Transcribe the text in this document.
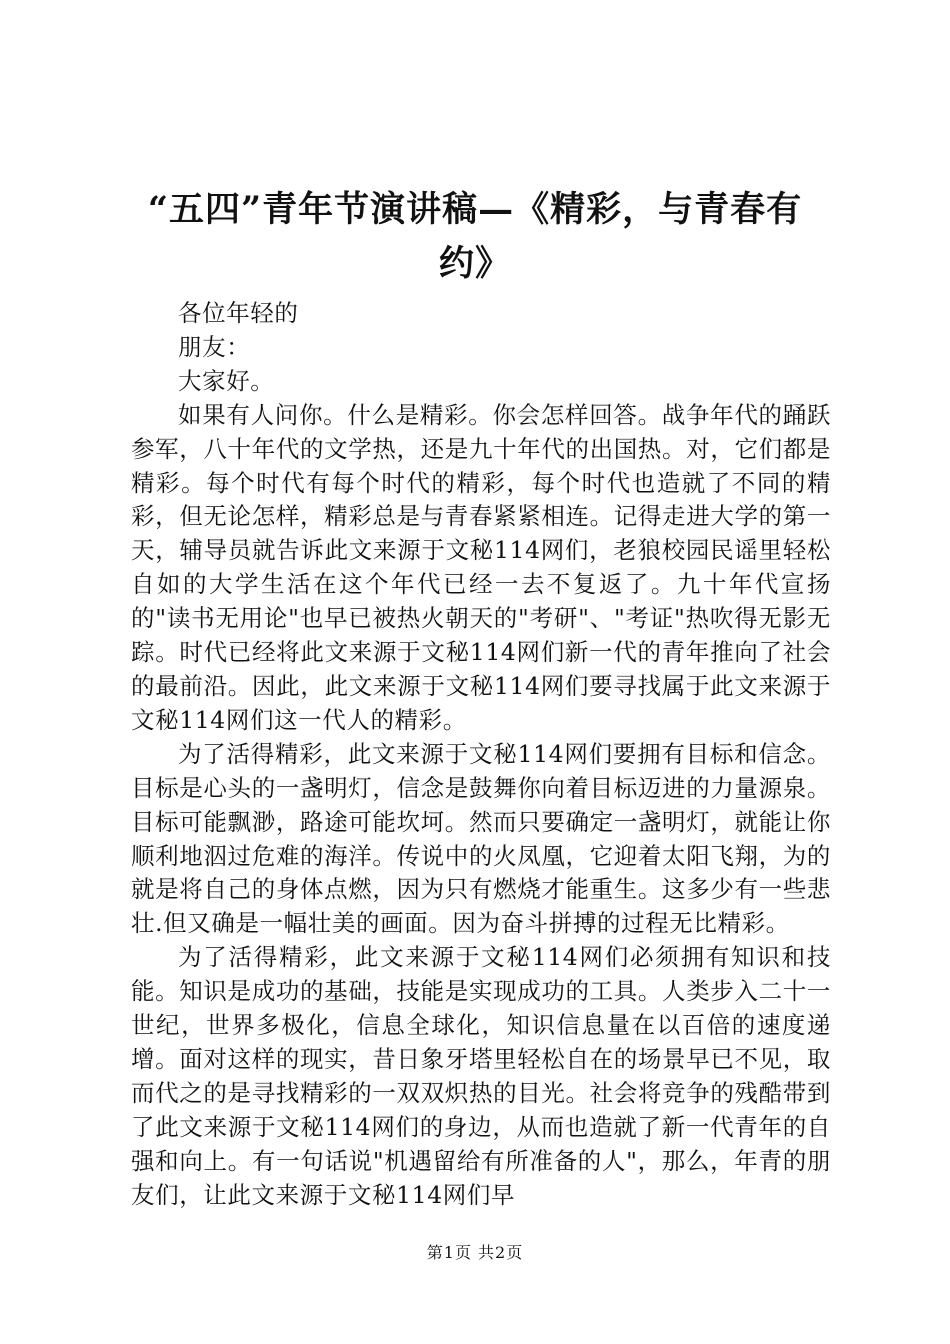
“五四”青年节演讲稿—《精彩，与青春有
约》

各位年轻的

朋友：

大家好。

如果有人问你。什么是精彩。你会怎样回答。战争年代的踊跃参军，八十年代的文学热，还是九十年代的出国热。对，它们都是精彩。每个时代有每个时代的精彩，每个时代也造就了不同的精彩，但无论怎样，精彩总是与青春紧紧相连。记得走进大学的第一天，辅导员就告诉此文来源于文秘114网们，老狼校园民谣里轻松自如的大学生活在这个年代已经一去不复返了。九十年代宣扬的"读书无用论"也早已被热火朝天的"考研"、"考证"热吹得无影无踪。时代已经将此文来源于文秘114网们新一代的青年推向了社会的最前沿。因此，此文来源于文秘114网们要寻找属于此文来源于文秘114网们这一代人的精彩。

为了活得精彩，此文来源于文秘114网们要拥有目标和信念。目标是心头的一盏明灯，信念是鼓舞你向着目标迈进的力量源泉。目标可能飘渺，路途可能坎坷。然而只要确定一盏明灯，就能让你顺利地泅过危难的海洋。传说中的火凤凰，它迎着太阳飞翔，为的就是将自己的身体点燃，因为只有燃烧才能重生。这多少有一些悲壮.但又确是一幅壮美的画面。因为奋斗拼搏的过程无比精彩。

为了活得精彩，此文来源于文秘114网们必须拥有知识和技能。知识是成功的基础，技能是实现成功的工具。人类步入二十一世纪，世界多极化，信息全球化，知识信息量在以百倍的速度递增。面对这样的现实，昔日象牙塔里轻松自在的场景早已不见，取而代之的是寻找精彩的一双双炽热的目光。社会将竞争的残酷带到了此文来源于文秘114网们的身边，从而也造就了新一代青年的自强和向上。有一句话说"机遇留给有所准备的人"，那么，年青的朋友们，让此文来源于文秘114网们早

第1页 共2页
